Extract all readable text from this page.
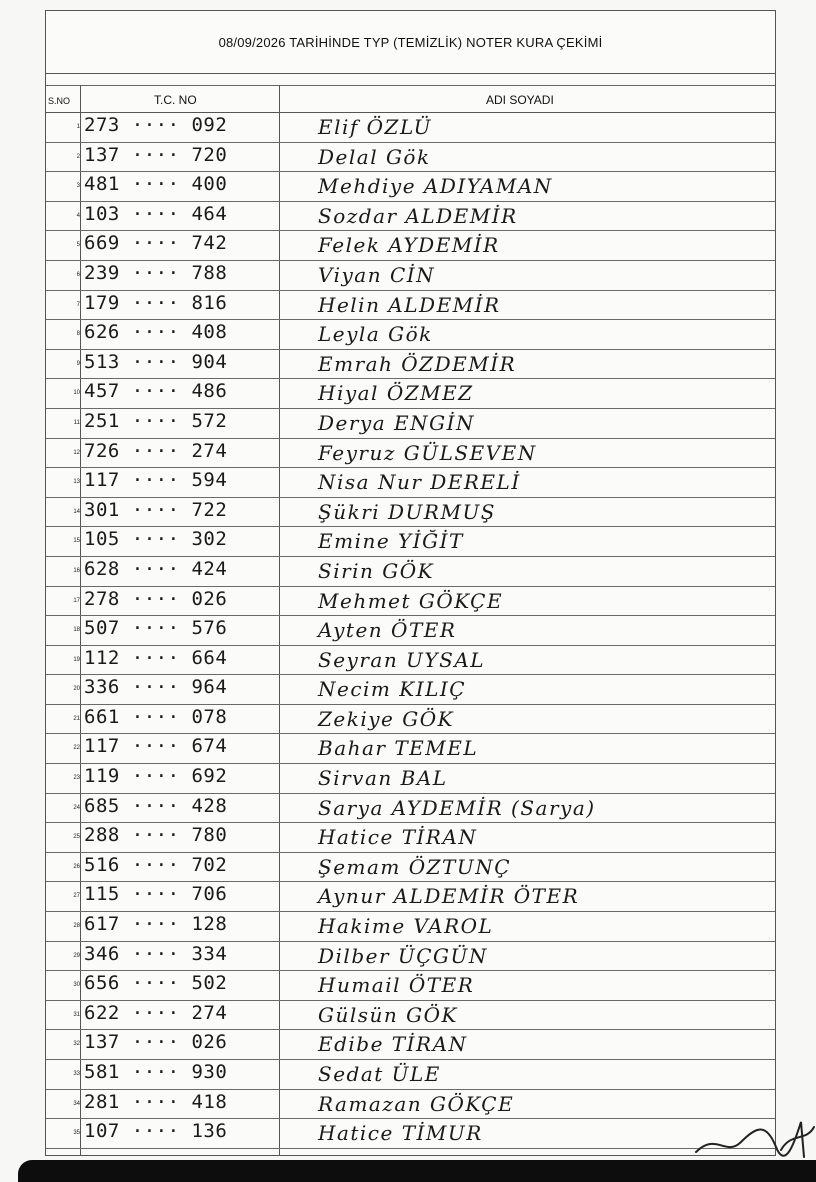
08/09/2026 TARİHİNDE TYP (TEMİZLİK) NOTER KURA ÇEKİMİ
S.NO	T.C. NO	ADI SOYADI
1 273 ···· 092	Elif ÖZLÜ
2 137 ···· 720	Delal Gök
3 481 ···· 400	Mehdiye ADIYAMAN
4 103 ···· 464	Sozdar ALDEMİR
5 669 ···· 742	Felek AYDEMİR
6 239 ···· 788	Viyan CİN
7 179 ···· 816	Helin ALDEMİR
8 626 ···· 408	Leyla Gök
9 513 ···· 904	Emrah ÖZDEMİR
10 457 ···· 486	Hiyal ÖZMEZ
11 251 ···· 572	Derya ENGİN
12 726 ···· 274	Feyruz GÜLSEVEN
13 117 ···· 594	Nisa Nur DERELİ
14 301 ···· 722	Şükri DURMUŞ
15 105 ···· 302	Emine YİĞİT
16 628 ···· 424	Sirin GÖK
17 278 ···· 026	Mehmet GÖKÇE
18 507 ···· 576	Ayten ÖTER
19 112 ···· 664	Seyran UYSAL
20 336 ···· 964	Necim KILIÇ
21 661 ···· 078	Zekiye GÖK
22 117 ···· 674	Bahar TEMEL
23 119 ···· 692	Sirvan BAL
24 685 ···· 428	Sarya AYDEMİR (Sarya)
25 288 ···· 780	Hatice TİRAN
26 516 ···· 702	Şemam ÖZTUNÇ
27 115 ···· 706	Aynur ALDEMİR ÖTER
28 617 ···· 128	Hakime VAROL
29 346 ···· 334	Dilber ÜÇGÜN
30 656 ···· 502	Humail ÖTER
31 622 ···· 274	Gülsün GÖK
32 137 ···· 026	Edibe TİRAN
33 581 ···· 930	Sedat ÜLE
34 281 ···· 418	Ramazan GÖKÇE
35 107 ···· 136	Hatice TİMUR
